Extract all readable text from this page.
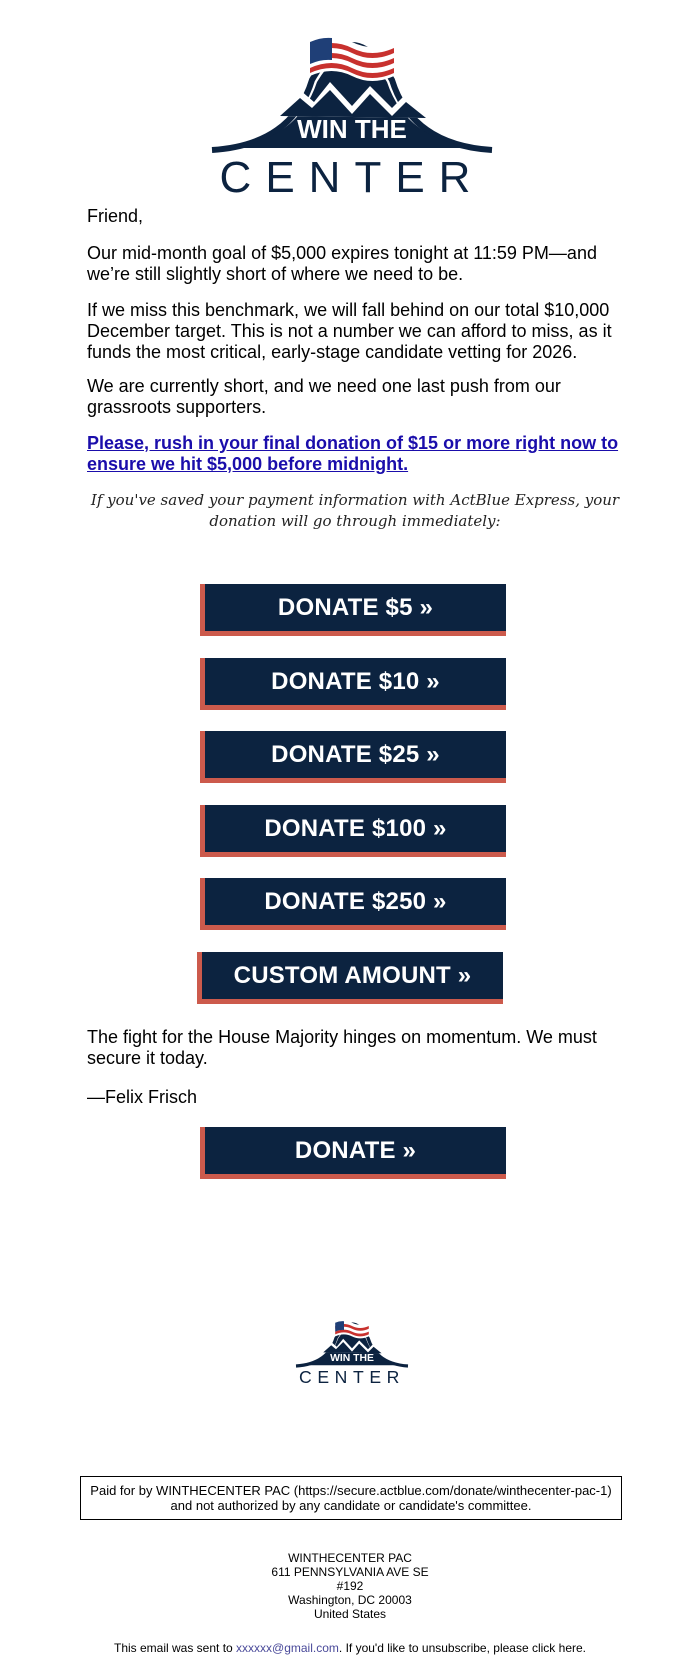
WIN THE
CENTER

Friend,

Our mid-month goal of $5,000 expires tonight at 11:59 PM—and we’re still slightly short of where we need to be.

If we miss this benchmark, we will fall behind on our total $10,000 December target. This is not a number we can afford to miss, as it funds the most critical, early-stage candidate vetting for 2026.

We are currently short, and we need one last push from our grassroots supporters.

Please, rush in your final donation of $15 or more right now to ensure we hit $5,000 before midnight.

If you've saved your payment information with ActBlue Express, your donation will go through immediately:
DONATE $5 »
DONATE $10 »
DONATE $25 »
DONATE $100 »
DONATE $250 »
CUSTOM AMOUNT »

The fight for the House Majority hinges on momentum. We must secure it today.

—Felix Frisch

DONATE »
WIN THE
CENTER
Paid for by WINTHECENTER PAC (https://secure.actblue.com/donate/winthecenter-pac-1) and not authorized by any candidate or candidate's committee.
WINTHECENTER PAC
611 PENNSYLVANIA AVE SE
#192
Washington, DC 20003
United States
This email was sent to xxxxxx@gmail.com. If you'd like to unsubscribe, please click here.
